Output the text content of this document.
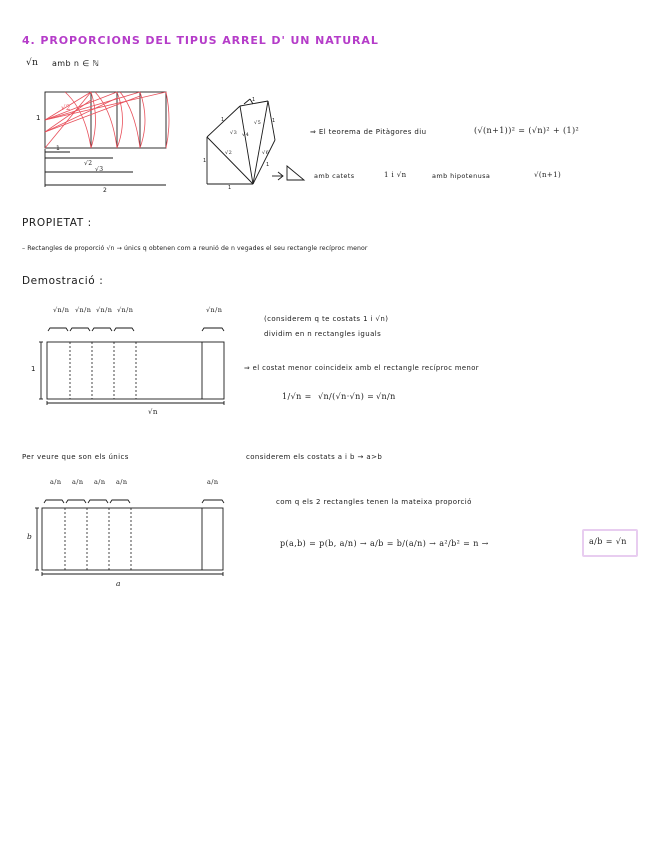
4. PROPORCIONS DEL TIPUS ARREL D' UN NATURAL
√n amb n ∈ ℕ
1
√2
1
√2
√3
2
1
√2
√3 √4
√5
√6
1
1
1
1
1
⇒ El teorema de Pitàgores diu	(√(n+1))² = (√n)² + (1)²
amb catets	1 i √n	amb hipotenusa	√(n+1)
PROPIETAT :
– Rectangles de proporció √n → únics q obtenen com a reunió de n vegades el seu rectangle recíproc menor
Demostració :
√n/n √n/n √n/n √n/n	√n/n
1
√n
(considerem q te costats 1 i √n)
dividim en n rectangles iguals
⇒ el costat menor coincideix amb el rectangle recíproc menor
1/√n = √n/(√n·√n) = √n/n
Per veure que son els únics	considerem els costats a i b → a>b
a/n a/n a/n a/n	a/n
b
a
com q els 2 rectangles tenen la mateixa proporció
p(a,b) = p(b, a/n) → a/b = b/(a/n) → a²/b² = n →	a/b = √n
